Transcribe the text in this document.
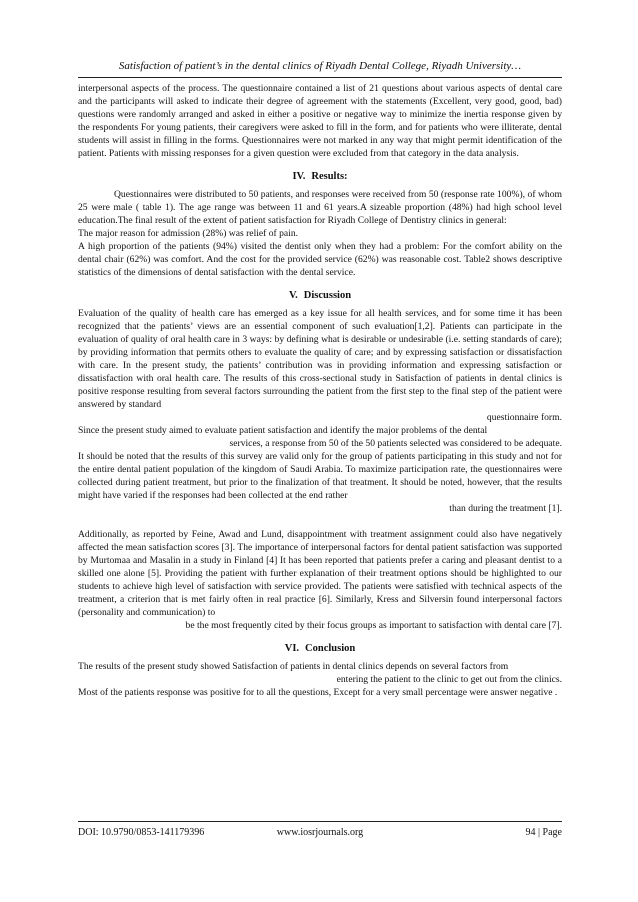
Satisfaction of patient’s in the dental clinics of Riyadh Dental College, Riyadh University…

interpersonal aspects of the process. The questionnaire contained a list of 21 questions about various aspects of dental care and the participants will asked to indicate their degree of agreement with the statements (Excellent, very good, good, bad) questions were randomly arranged and asked in either a positive or negative way to minimize the inertia response given by the respondents For young patients, their caregivers were asked to fill in the form, and for patients who were illiterate, dental students will assist in filling in the forms. Questionnaires were not marked in any way that might permit identification of the patient. Patients with missing responses for a given question were excluded from that category in the data analysis.

IV. Results:

Questionnaires were distributed to 50 patients, and responses were received from 50 (response rate 100%), of whom 25 were male ( table 1). The age range was between 11 and 61 years.A sizeable proportion (48%) had high school level education.The final result of the extent of patient satisfaction for Riyadh College of Dentistry clinics in general:

The major reason for admission (28%) was relief of pain.

A high proportion of the patients (94%) visited the dentist only when they had a problem: For the comfort ability on the dental chair (62%) was comfort. And the cost for the provided service (62%) was reasonable cost. Table2 shows descriptive statistics of the dimensions of dental satisfaction with the dental service.

V. Discussion

Evaluation of the quality of health care has emerged as a key issue for all health services, and for some time it has been recognized that the patients’ views are an essential component of such evaluation[1,2]. Patients can participate in the evaluation of quality of oral health care in 3 ways: by defining what is desirable or undesirable (i.e. setting standards of care); by providing information that permits others to evaluate the quality of care; and by expressing satisfaction or dissatisfaction with care. In the present study, the patients’ contribution was in providing information and expressing satisfaction or dissatisfaction with oral health care. The results of this cross-sectional study in Satisfaction of patients in dental clinics is positive response resulting from several factors surrounding the patient from the first step to the final step of the patient were answered by standard

questionnaire form.

Since the present study aimed to evaluate patient satisfaction and identify the major problems of the dental

services, a response from 50 of the 50 patients selected was considered to be adequate.

It should be noted that the results of this survey are valid only for the group of patients participating in this study and not for the entire dental patient population of the kingdom of Saudi Arabia. To maximize participation rate, the questionnaires were collected during patient treatment, but prior to the finalization of that treatment. It should be noted, however, that the results might have varied if the responses had been collected at the end rather

than during the treatment [1].

Additionally, as reported by Feine, Awad and Lund, disappointment with treatment assignment could also have negatively affected the mean satisfaction scores [3]. The importance of interpersonal factors for dental patient satisfaction was supported by Murtomaa and Masalin in a study in Finland [4] It has been reported that patients prefer a caring and pleasant dentist to a skilled one alone [5]. Providing the patient with further explanation of their treatment options should be highlighted to our students to achieve high level of satisfaction with service provided. The patients were satisfied with technical aspects of the treatment, a criterion that is met fairly often in real practice [6]. Similarly, Kress and Silversin found interpersonal factors (personality and communication) to

be the most frequently cited by their focus groups as important to satisfaction with dental care [7].

VI. Conclusion

The results of the present study showed Satisfaction of patients in dental clinics depends on several factors from

entering the patient to the clinic to get out from the clinics.

Most of the patients response was positive for to all the questions, Except for a very small percentage were answer negative .

DOI: 10.9790/0853-141179396	www.iosrjournals.org	94 | Page
